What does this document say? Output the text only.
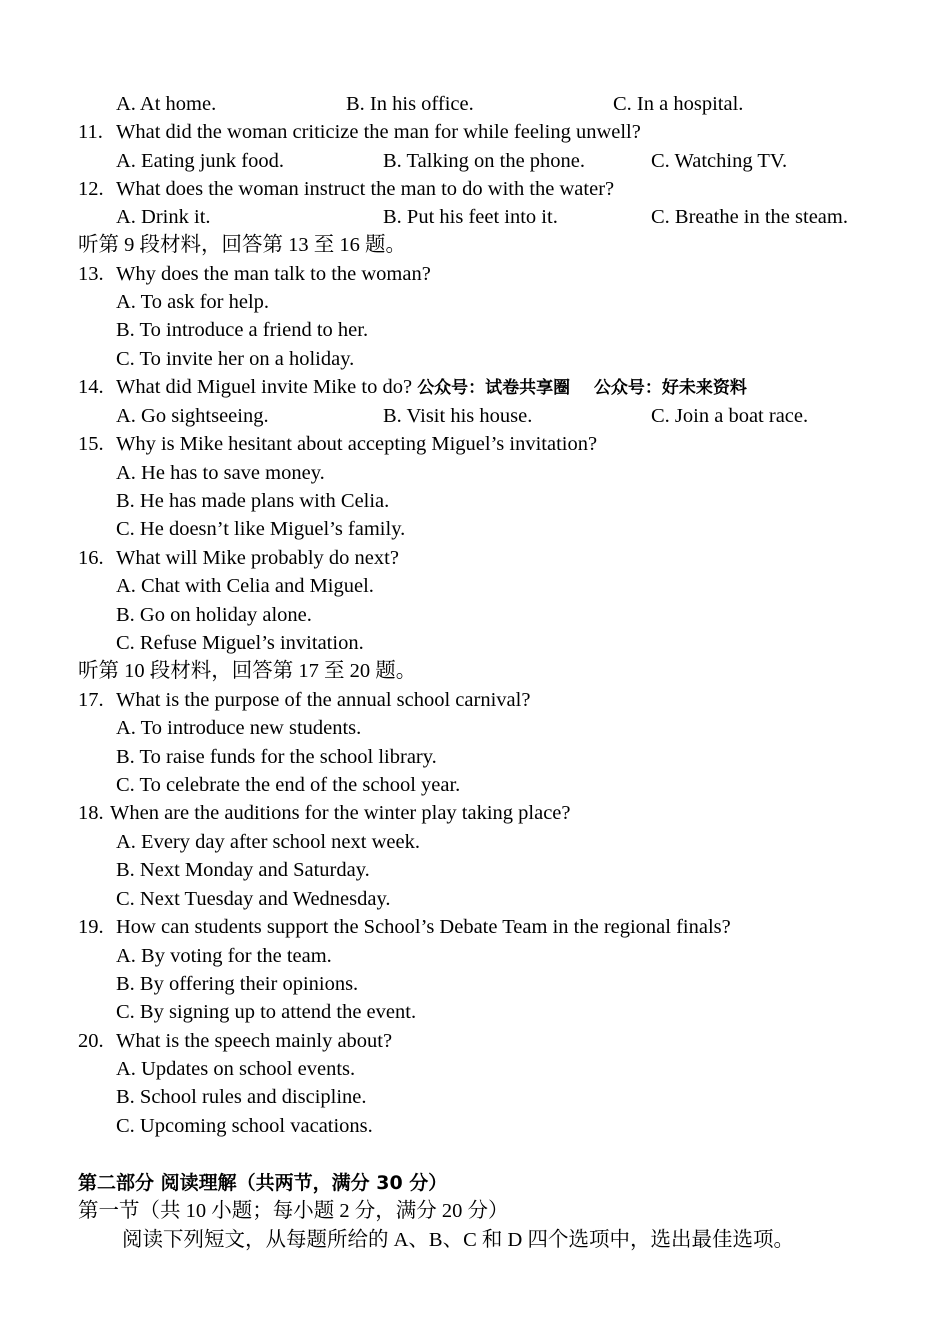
A. At home.	B. In his office.	C. In a hospital.
11. What did the woman criticize the man for while feeling unwell?
A. Eating junk food.	B. Talking on the phone.	C. Watching TV.
12. What does the woman instruct the man to do with the water?
A. Drink it.	B. Put his feet into it.	C. Breathe in the steam.
听第 9 段材料，回答第 13 至 16 题。
13. Why does the man talk to the woman?
A. To ask for help.
B. To introduce a friend to her.
C. To invite her on a holiday.
14. What did Miguel invite Mike to do? 公众号：试卷共享圈    公众号：好未来资料
A. Go sightseeing.	B. Visit his house.	C. Join a boat race.
15. Why is Mike hesitant about accepting Miguel’s invitation?
A. He has to save money.
B. He has made plans with Celia.
C. He doesn’t like Miguel’s family.
16. What will Mike probably do next?
A. Chat with Celia and Miguel.
B. Go on holiday alone.
C. Refuse Miguel’s invitation.
听第 10 段材料，回答第 17 至 20 题。
17. What is the purpose of the annual school carnival?
A. To introduce new students.
B. To raise funds for the school library.
C. To celebrate the end of the school year.
18. When are the auditions for the winter play taking place?
A. Every day after school next week.
B. Next Monday and Saturday.
C. Next Tuesday and Wednesday.
19. How can students support the School’s Debate Team in the regional finals?
A. By voting for the team.
B. By offering their opinions.
C. By signing up to attend the event.
20. What is the speech mainly about?
A. Updates on school events.
B. School rules and discipline.
C. Upcoming school vacations.
第二部分 阅读理解（共两节，满分 30 分）
第一节（共 10 小题；每小题 2 分，满分 20 分）
阅读下列短文，从每题所给的 A、B、C 和 D 四个选项中，选出最佳选项。
